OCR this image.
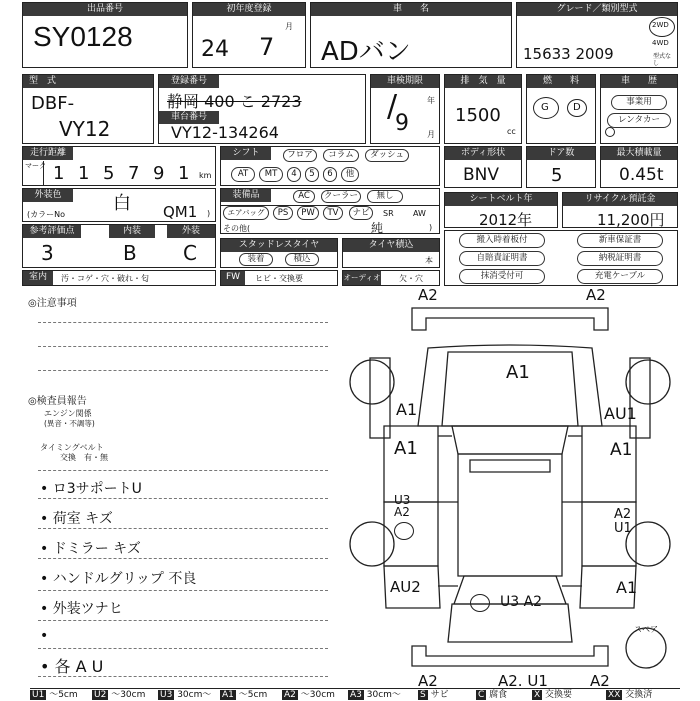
出品番号
SY0128
初年度登録
月
24 7
車　　名
ADバン
グレード／類別型式
15633 2009
2WD
4WD
型式なし
型　式
DBF-
VY12
登録番号
静岡 400 こ 2723
車台番号
VY12-134264
車検期限
年
月
/
9
排　気　量
1500
cc
燃　　料
G D
車　　歴
事業用
レンタカー
走行距離
マーク 1 1 5 7 9 1 km
シフト	フロア	コラム	ダッシュ
AT	MT	4	5	6	他
ボディ形状
BNV
ドア数
5
最大積載量
0.45t
外装色	白
(カラーNo	QM1 )
装備品	AC	クーラー	無し
エアバッグ	PS	PW	TV	ナビ	SR AW
その他(	純	)
シートベルト年
2012年
リサイクル預託金
11,200円
参考評価点
3
内装
B
外装
C	スタッドレスタイヤ
装着	積込
タイヤ積込
本
搬入時着板付	新車保証書
自賠責証明書	納税証明書
抹消受付可	充電ケーブル
室内	汚・コゲ・穴・破れ・匂	FW	ヒビ・交換要	オーディオ 欠・穴
◎注意事項
◎検査員報告
エンジン関係
(異音・不調等)
タイミングベルト
交換　有・無
• ロ3サポートU
• 荷室 キズ
• ドミラー キズ
• ハンドルグリップ 不良
• 外装ツナヒ
•
• 各 A U
A2	A2
A1
A1	AU1
A1	A1
U3 A2	A2 U1
AU2	A1
U3 A2
A2	A2. U1	A2
スペア
U1 ～5cm U2 ～30cm U3 30cm～ A1 ～5cm A2 ～30cm A3 30cm～ S サビ	C 腐食	X 交換要	XX 交換済
